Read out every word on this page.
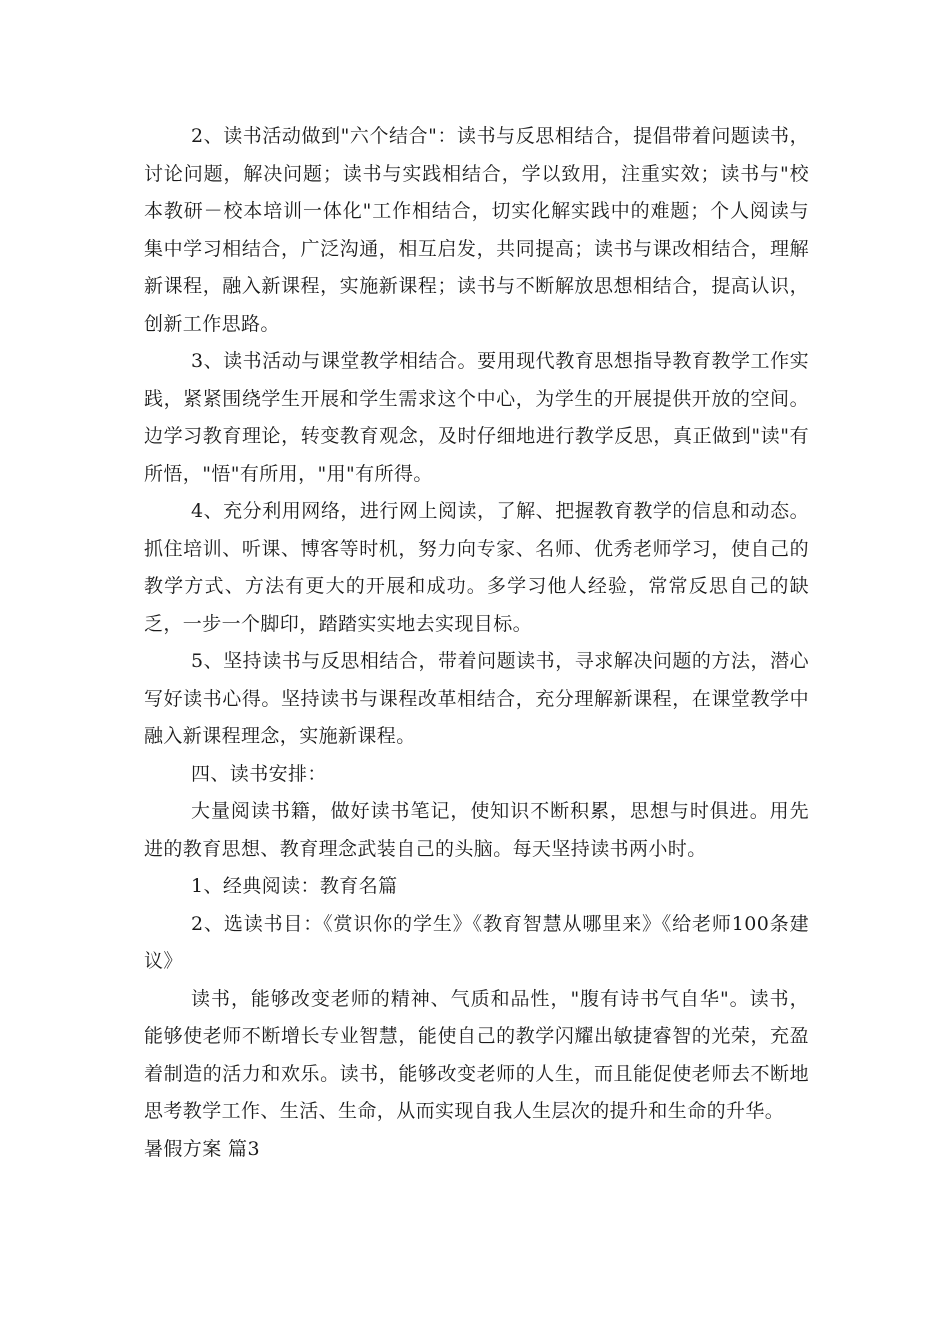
2、读书活动做到"六个结合"：读书与反思相结合，提倡带着问题读书，讨论问题，解决问题；读书与实践相结合，学以致用，注重实效；读书与"校本教研－校本培训一体化"工作相结合，切实化解实践中的难题；个人阅读与集中学习相结合，广泛沟通，相互启发，共同提高；读书与课改相结合，理解新课程，融入新课程，实施新课程；读书与不断解放思想相结合，提高认识，创新工作思路。

3、读书活动与课堂教学相结合。要用现代教育思想指导教育教学工作实践，紧紧围绕学生开展和学生需求这个中心，为学生的开展提供开放的空间。边学习教育理论，转变教育观念，及时仔细地进行教学反思，真正做到"读"有所悟，"悟"有所用，"用"有所得。

4、充分利用网络，进行网上阅读，了解、把握教育教学的信息和动态。抓住培训、听课、博客等时机，努力向专家、名师、优秀老师学习，使自己的教学方式、方法有更大的开展和成功。多学习他人经验，常常反思自己的缺乏，一步一个脚印，踏踏实实地去实现目标。

5、坚持读书与反思相结合，带着问题读书，寻求解决问题的方法，潜心写好读书心得。坚持读书与课程改革相结合，充分理解新课程，在课堂教学中融入新课程理念，实施新课程。

四、读书安排：

大量阅读书籍，做好读书笔记，使知识不断积累，思想与时俱进。用先进的教育思想、教育理念武装自己的头脑。每天坚持读书两小时。

1、经典阅读：教育名篇

2、选读书目：《赏识你的学生》《教育智慧从哪里来》《给老师100条建议》

读书，能够改变老师的精神、气质和品性，"腹有诗书气自华"。读书，能够使老师不断增长专业智慧，能使自己的教学闪耀出敏捷睿智的光荣，充盈着制造的活力和欢乐。读书，能够改变老师的人生，而且能促使老师去不断地思考教学工作、生活、生命，从而实现自我人生层次的提升和生命的升华。

暑假方案 篇3
